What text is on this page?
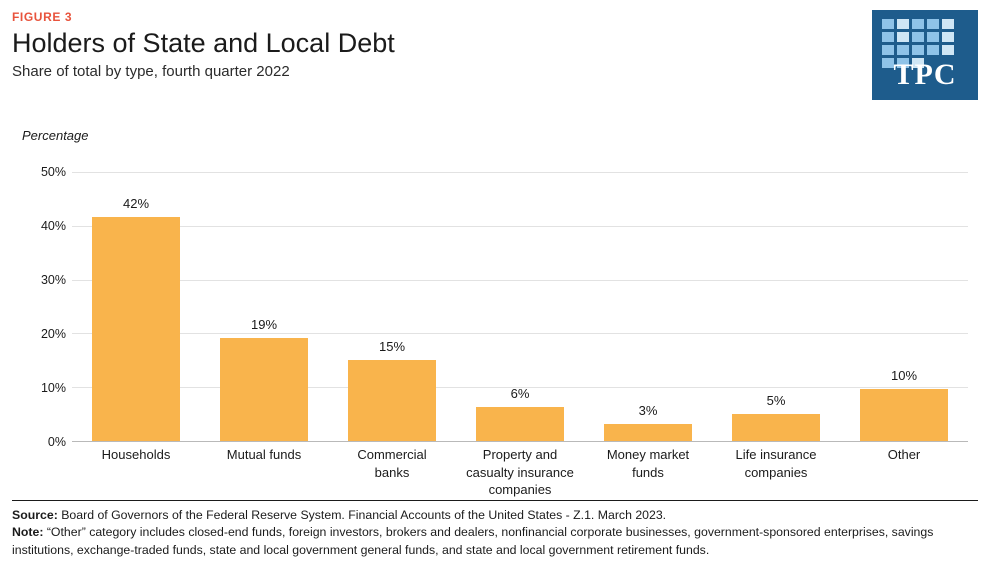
FIGURE 3

Holders of State and Local Debt

Share of total by type, fourth quarter 2022	TPC
Percentage
42%
19%
15%
6%
3%
5%
10%
50%
40%
30%
20%
10%
0%
Households	Mutual funds	Commercial
banks
Property and
casualty insurance
companies
Money market
funds
Life insurance
companies
Other

Source: Board of Governors of the Federal Reserve System. Financial Accounts of the United States - Z.1. March 2023.

Note: “Other” category includes closed-end funds, foreign investors, brokers and dealers, nonfinancial corporate businesses, government-sponsored enterprises, savings institutions, exchange-traded funds, state and local government general funds, and state and local government retirement funds.
